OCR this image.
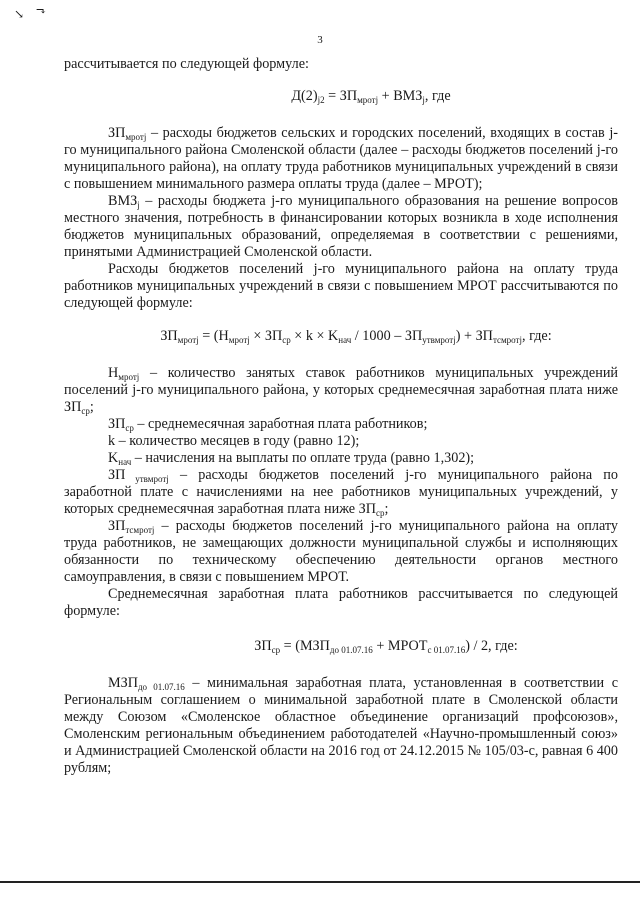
↘ ⬎
3

рассчитывается по следующей формуле:

$Д(2)_{j2} = ЗП_{мротj} + ВМЗ_j$, где

$ЗП_{мротj}$ – расходы бюджетов сельских и городских поселений, входящих в состав j-го муниципального района Смоленской области (далее – расходы бюджетов поселений j-го муниципального района), на оплату труда работников муниципальных учреждений в связи с повышением минимального размера оплаты труда (далее – МРОТ);

$ВМЗ_j$ – расходы бюджета j-го муниципального образования на решение вопросов местного значения, потребность в финансировании которых возникла в ходе исполнения бюджетов муниципальных образований, определяемая в соответствии с решениями, принятыми Администрацией Смоленской области.

Расходы бюджетов поселений j-го муниципального района на оплату труда работников муниципальных учреждений в связи с повышением МРОТ рассчитываются по следующей формуле:

$ЗП_{мротj} = (Н_{мротj} \times ЗП_{ср} \times k \times K_{нач} / 1000 - ЗП_{утвмротj}) + ЗП_{тсмротj}$, где:

$Н_{мротj}$ – количество занятых ставок работников муниципальных учреждений поселений j-го муниципального района, у которых среднемесячная заработная плата ниже $ЗП_{ср}$;

$ЗП_{ср}$ – среднемесячная заработная плата работников;

k – количество месяцев в году (равно 12);

$K_{нач}$ – начисления на выплаты по оплате труда (равно 1,302);

ЗП $_{утвмротj}$ – расходы бюджетов поселений j-го муниципального района по заработной плате с начислениями на нее работников муниципальных учреждений, у которых среднемесячная заработная плата ниже $ЗП_{ср}$;

$ЗП_{тсмротj}$ – расходы бюджетов поселений j-го муниципального района на оплату труда работников, не замещающих должности муниципальной службы и исполняющих обязанности по техническому обеспечению деятельности органов местного самоуправления, в связи с повышением МРОТ.

Среднемесячная заработная плата работников рассчитывается по следующей формуле:

$ЗП_{ср} = (МЗП_{до 01.07.16}$ + $МРОТ_{с 01.07.16}) / 2$, где:

$МЗП_{до 01.07.16}$ – минимальная заработная плата, установленная в соответствии с Региональным соглашением о минимальной заработной плате в Смоленской области между Союзом «Смоленское областное объединение организаций профсоюзов», Смоленским региональным объединением работодателей «Научно-промышленный союз» и Администрацией Смоленской области на 2016 год от 24.12.2015 № 105/03-с, равная 6 400 рублям;
